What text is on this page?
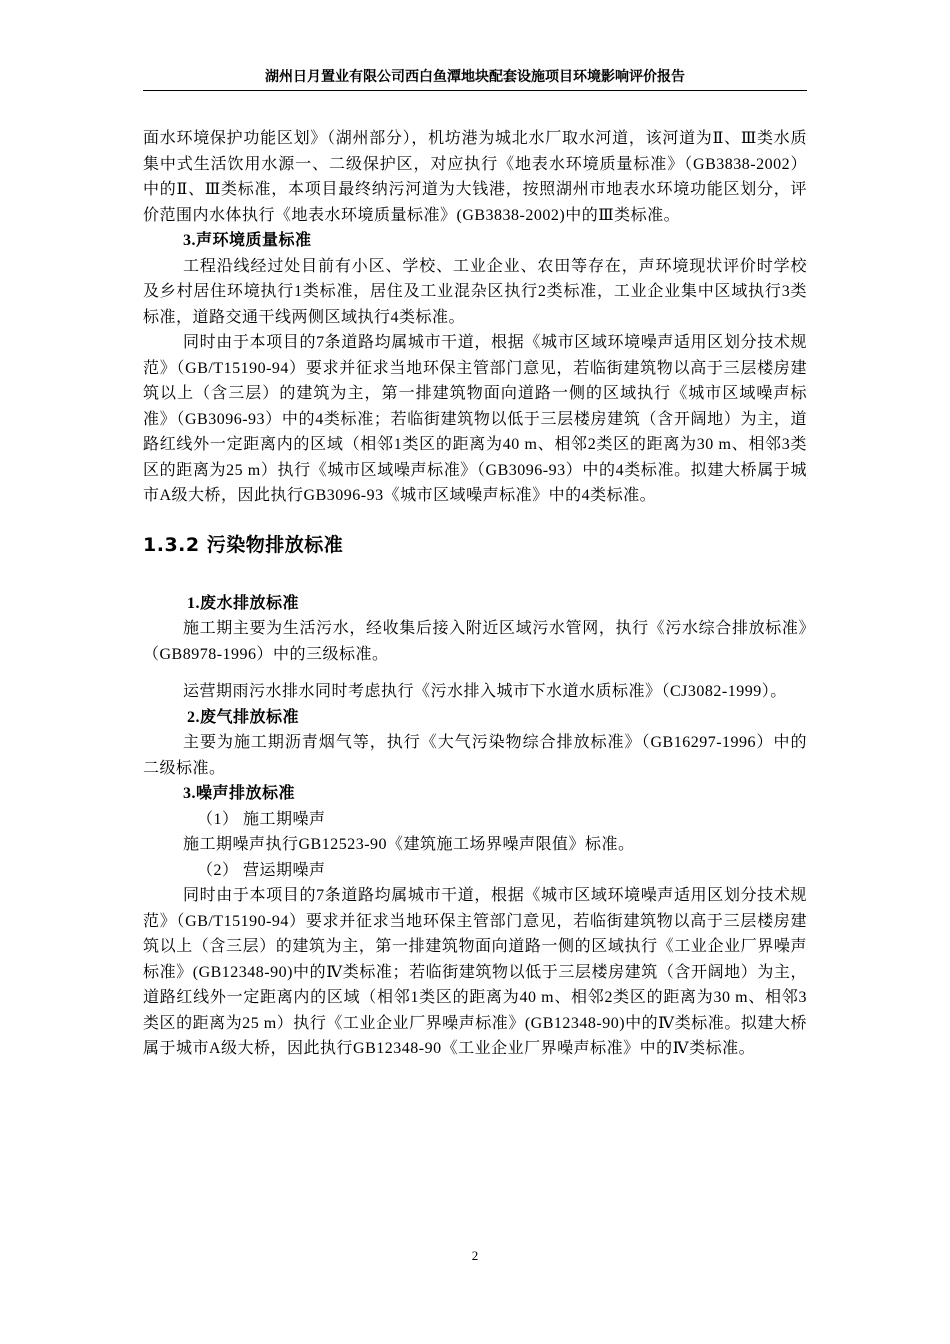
湖州日月置业有限公司西白鱼潭地块配套设施项目环境影响评价报告

面水环境保护功能区划》（湖州部分），机坊港为城北水厂取水河道，该河道为Ⅱ、Ⅲ类水质集中式生活饮用水源一、二级保护区，对应执行《地表水环境质量标准》（GB3838-2002）中的Ⅱ、Ⅲ类标准，本项目最终纳污河道为大钱港，按照湖州市地表水环境功能区划分，评价范围内水体执行《地表水环境质量标准》(GB3838-2002)中的Ⅲ类标准。

3.声环境质量标准

工程沿线经过处目前有小区、学校、工业企业、农田等存在，声环境现状评价时学校及乡村居住环境执行1类标准，居住及工业混杂区执行2类标准，工业企业集中区域执行3类标准，道路交通干线两侧区域执行4类标准。

同时由于本项目的7条道路均属城市干道，根据《城市区域环境噪声适用区划分技术规范》（GB/T15190-94）要求并征求当地环保主管部门意见，若临街建筑物以高于三层楼房建筑以上（含三层）的建筑为主，第一排建筑物面向道路一侧的区域执行《城市区域噪声标准》（GB3096-93）中的4类标准；若临街建筑物以低于三层楼房建筑（含开阔地）为主，道路红线外一定距离内的区域（相邻1类区的距离为40 m、相邻2类区的距离为30 m、相邻3类区的距离为25 m）执行《城市区域噪声标准》（GB3096-93）中的4类标准。拟建大桥属于城市A级大桥，因此执行GB3096-93《城市区域噪声标准》中的4类标准。

1.3.2 污染物排放标准

1.废水排放标准

施工期主要为生活污水，经收集后接入附近区域污水管网，执行《污水综合排放标准》（GB8978-1996）中的三级标准。

运营期雨污水排水同时考虑执行《污水排入城市下水道水质标准》（CJ3082-1999）。

2.废气排放标准

主要为施工期沥青烟气等，执行《大气污染物综合排放标准》（GB16297-1996）中的二级标准。

3.噪声排放标准

（1） 施工期噪声

施工期噪声执行GB12523-90《建筑施工场界噪声限值》标准。

（2） 营运期噪声

同时由于本项目的7条道路均属城市干道，根据《城市区域环境噪声适用区划分技术规范》（GB/T15190-94）要求并征求当地环保主管部门意见，若临街建筑物以高于三层楼房建筑以上（含三层）的建筑为主，第一排建筑物面向道路一侧的区域执行《工业企业厂界噪声标准》(GB12348-90)中的Ⅳ类标准；若临街建筑物以低于三层楼房建筑（含开阔地）为主，道路红线外一定距离内的区域（相邻1类区的距离为40 m、相邻2类区的距离为30 m、相邻3类区的距离为25 m）执行《工业企业厂界噪声标准》(GB12348-90)中的Ⅳ类标准。拟建大桥属于城市A级大桥，因此执行GB12348-90《工业企业厂界噪声标准》中的Ⅳ类标准。

2
